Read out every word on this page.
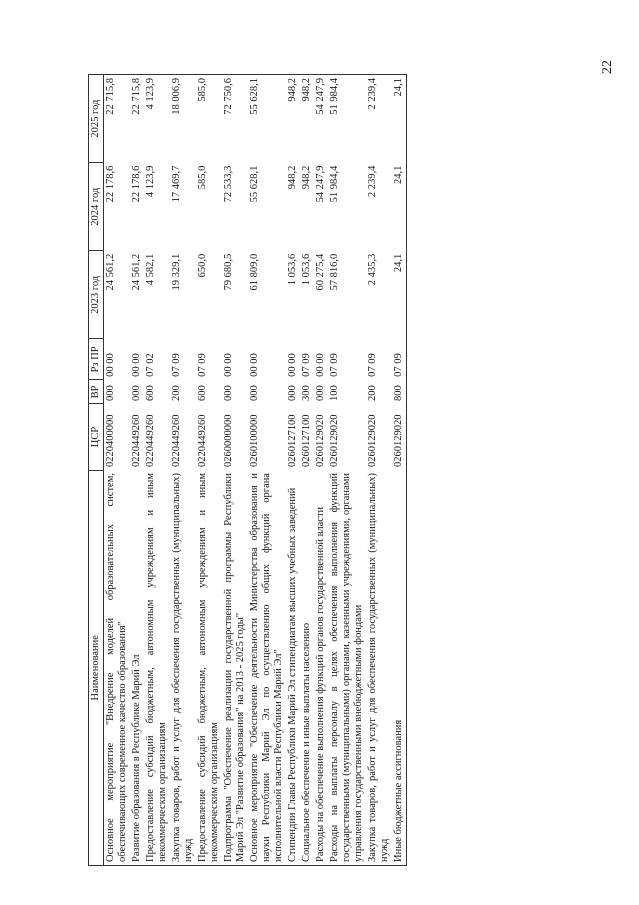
22
Наименование	ЦСР	ВР	Рз ПР	2023 год	2024 год	2025 год
Основное мероприятие "Внедрение моделей образовательных систем, обеспечивающих современное качество образования"	0220400000	000	00 00	24 561,2	22 178,6	22 715,8
Развитие образования в Республике Марий Эл	0220449260	000	00 00	24 561,2	22 178,6	22 715,8
Предоставление субсидий бюджетным, автономным учреждениям и иным некоммерческим организациям	0220449260	600	07 02	4 582,1	4 123,9	4 123,9
Закупка товаров, работ и услуг для обеспечения государственных (муниципальных) нужд	0220449260	200	07 09	19 329,1	17 469,7	18 006,9
Предоставление субсидий бюджетным, автономным учреждениям и иным некоммерческим организациям	0220449260	600	07 09	650,0	585,0	585,0
Подпрограмма "Обеспечение реализации государственной программы Республики Марий Эл "Развитие образования" на 2013 - 2025 годы"	0260000000	000	00 00	79 680,5	72 533,3	72 750,6
Основное мероприятие "Обеспечение деятельности Министерства образования и науки Республики Марий Эл по осуществлению общих функций органа исполнительной власти Республики Марий Эл"	0260100000	000	00 00	61 809,0	55 628,1	55 628,1
Стипендии Главы Республики Марий Эл стипендиатам высших учебных заведений	0260127100	000	00 00	1 053,6	948,2	948,2
Социальное обеспечение и иные выплаты населению	0260127100	300	07 09	1 053,6	948,2	948,2
Расходы на обеспечение выполнения функций органов государственной власти	0260129020	000	00 00	60 275,4	54 247,9	54 247,9
Расходы на выплаты персоналу в целях обеспечения выполнения функций государственными (муниципальными) органами, казенными учреждениями, органами управления государственными внебюджетными фондами	0260129020	100	07 09	57 816,0	51 984,4	51 984,4
Закупка товаров, работ и услуг для обеспечения государственных (муниципальных) нужд	0260129020	200	07 09	2 435,3	2 239,4	2 239,4
Иные бюджетные ассигнования	0260129020	800	07 09	24,1	24,1	24,1
